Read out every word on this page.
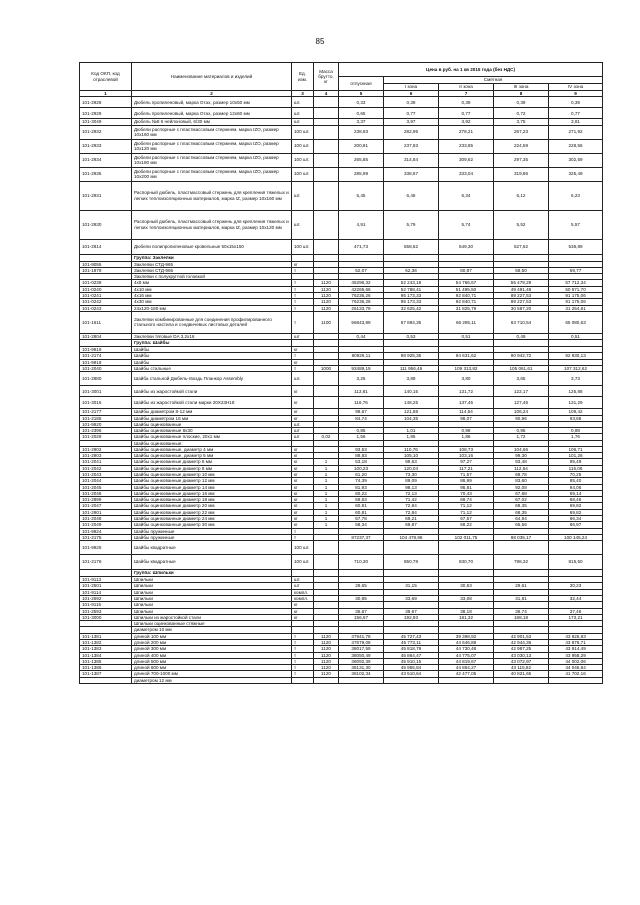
85
Код ОКП, код отраслевой	Наименование материалов и изделий	Ед. изм.	Масса брутто, кг	Цена в руб. на 1 кв 2015 года (без НДС)				
				отпускная	Сметная			
					I зона	II зона	III зона	IV зона
1	2	3	4	5	6	7	8	9
101-2928	Дюбель пропиленовый, марка Отах, размер 10х50 мм	шт.		0,33	0,39	0,39	0,39	0,39
101-2929	Дюбель пропиленовый, марка Отах, размер 12х60 мм	шт.		0,65	0,77	0,77	0,72	0,77
101-3049	Дюбель №8 6 нейлоновый, 6/30 мм	шт.		3,37	3,97	3,92	3,75	3,81
101-2932	Дюбели распорные с пластмассовым стержнем, марка IZO, размер 10х160 мм	100 шт.		238,93	282,95	278,21	267,23	271,92
101-2933	Дюбели распорные с пластмассовым стержнем, марка IZO, размер 10х120 мм	100 шт.		200,81	237,83	233,85	224,59	228,56
101-2934	Дюбели распорные с пластмассовым стержнем, марка IZO, размер 10х180 мм	100 шт.		265,85	314,84	309,62	297,35	302,59
101-2935	Дюбели распорные с пластмассовым стержнем, марка IZO, размер 10х200 мм	100 шт.		285,99	338,67	333,04	319,86	325,49
101-2931	Распорный дюбель, пластмассовый стержень для крепления тяжелых и легких теплоизоляционных материалов, марка IZ, размер 10х160 мм	шт.		5,45	6,45	6,34	6,12	6,23
101-2930	Распорный дюбель, пластмассовый стержень для крепления тяжелых и легких теплоизоляционных материалов, марка IZ, размер 10х120 мм	шт.		4,91	5,79	5,74	5,52	5,57
101-2814	Дюбели полипропиленовые кровельные 50х15х150	100 шт.		471,73	558,62	549,30	527,62	536,89
	Группа: Заклепки							
101-9055	Заклепки СТД-965	кг						
101-1879	Заклепки СТД-966	т		52,07	62,36	60,87	58,50	59,77
	Заклепки с полукруглой головкой							
101-0239	4х8 мм	т	1120	45296,32	52 243,18	54 766,67	55 479,29	57 712,34
101-0240	4х10 мм	т	1120	42265,66	52 788,41	51 495,50	49 491,48	50 571,70
101-0241	4х16 мм	т	1120	76236,26	95 173,33	92 840,71	89 227,53	91 175,06
101-0242	4х30 мм	т	1120	76236,26	95 173,33	92 840,71	89 227,53	91 175,06
101-0243	24х120-180 мм	т	1120	26133,79	32 625,42	31 825,79	30 587,20	31 254,81
101-1611	Заклепки комбинированные для соединения профилированного стального настила и сэндвичевых листовых деталей	т	1100	56843,89	67 894,35	66 295,11	63 710,54	65 080,63
101-2804	Заклепки тяговые DA 3,2х16	шт		0,44	0,53	0,51	0,49	0,51
	Группа: Шайбы							
101-9919	Шайбы	кг						
101-2174	Шайбы	т		80926,11	98 925,35	94 631,62	90 942,72	92 930,13
101-9918	Шайбы	кг						
101-2040	Шайбы стальные	т	1000	93489,19	111 956,46	109 313,82	105 061,61	107 312,62
101-2880	Шайба стальной Дюбель-гвоздь Планкор Assembly	шт.		3,25	3,89	3,80	3,65	3,73
101-3001	Шайбы из жаростойкой стали	кг		113,81	140,15	131,72	122,17	125,88
101-3016	Шайбы из жаростойкой стали марки 20Х23Н18	кг		116,76	148,25	137,45	127,46	131,29
101-2177	Шайбы диаметром 8-12 мм	кг		98,67	121,68	114,54	106,24	109,42
101-2185	Шайбы диаметром 16 мм	кг		84,74	104,35	98,07	90,96	93,68
101-9920	Шайбы оцинкованные	шт.						
101-2396	Шайбы оцинкованные 8х30	шт		0,85	1,01	0,98	0,95	0,98
101-2029	Шайбы оцинкованные плоские, 20х1 мм	шт	0,02	1,56	1,85	1,86	1,72	1,76
	Шайбы оцинкованные:							
101-2902	Шайбы оцинкованные, диаметр 4 мм	кг		93,53	110,76	108,73	104,66	106,71
101-2903	Шайбы оцинкованные, диаметр 5 мм	кг		88,83	105,10	103,16	99,30	101,26
101-2041	Шайбы оцинкованные диаметр 6 мм	кг	1	53,18	99,63	97,27	93,48	95,49
101-2042	Шайбы оцинкованные диаметр 8 мм	кг	1	100,23	120,04	117,21	112,64	115,06
101-2043	Шайбы оцинкованные диаметр 10 мм	кг	1	61,20	73,30	71,57	68,78	70,25
101-2044	Шайбы оцинкованные диаметр 12 мм	кг	1	74,39	89,09	86,99	83,60	85,40
101-2045	Шайбы оцинкованные диаметр 14 мм	кг	1	81,93	98,13	95,81	92,08	94,06
101-2046	Шайбы оцинкованные диаметр 16 мм	кг	1	60,22	72,13	70,43	67,68	69,14
101-2899	Шайбы оцинкованные диаметр 18 мм	кг	1	59,63	71,42	69,74	67,02	68,46
101-2047	Шайбы оцинкованные диаметр 20 мм	кг	1	60,81	72,84	71,12	68,35	69,82
101-2901	Шайбы оцинкованные диаметр 22 мм	кг	1	60,81	72,84	71,12	68,35	69,82
101-2048	Шайбы оцинкованные диаметр 24 мм	кг	1	57,78	69,21	67,57	64,94	66,34
101-2049	Шайбы оцинкованные диаметр 30 мм	кг	1	58,34	69,87	68,22	65,56	66,97
101-9924	Шайбы пружинные	т						
101-2175	Шайбы пружинные	т		87237,37	104 478,98	102 011,75	98 035,17	100 145,24
101-9925	Шайбы квадратные	100 шт.						
101-2176	Шайбы квадратные	100 шт.		710,30	850,79	830,70	798,32	815,50
	Группа: Шпильки							
101-9113	Шпильки	шт.						
101-2501	Шпильки	шт		28,65	31,15	30,53	29,61	30,23
101-9114	Шпильки	компл.						
101-2592	Шпильки	компл.		30,85	33,69	33,08	31,81	32,44
101-9115	Шпильки	кг						
101-2593	Шпильки	кг		35,67	38,67	38,18	36,74	37,46
101-3000	Шпильки из жаростойкой стали	кг		156,67	192,93	181,32	168,18	173,21
	Шпильки оцинкованные стяжные							
	диаметром 10 мм							
101-1381	длиной 100 мм	т	1120	37941,78	45 727,43	39 398,92	42 901,53	43 826,83
101-1382	длиной 200 мм	т	1120	37679,08	45 773,11	44 646,88	42 944,36	43 876,71
101-1383	длиной 300 мм	т	1120	38017,59	45 818,79	44 730,48	42 987,25	43 914,49
101-1384	длиной 400 мм	т	1120	38050,49	45 864,47	44 775,07	43 030,13	43 958,29
101-1385	длиной 500 мм	т	1120	38092,39	45 910,15	44 819,67	43 072,97	44 002,06
101-1386	длиной 600 мм	т	1120	38131,30	45 955,84	44 864,27	43 115,82	44 045,84
101-1387	длиной 700-1000 мм	т	1120	38102,34	43 510,64	42 477,05	40 821,65	41 702,16
	диаметром 12 мм							
